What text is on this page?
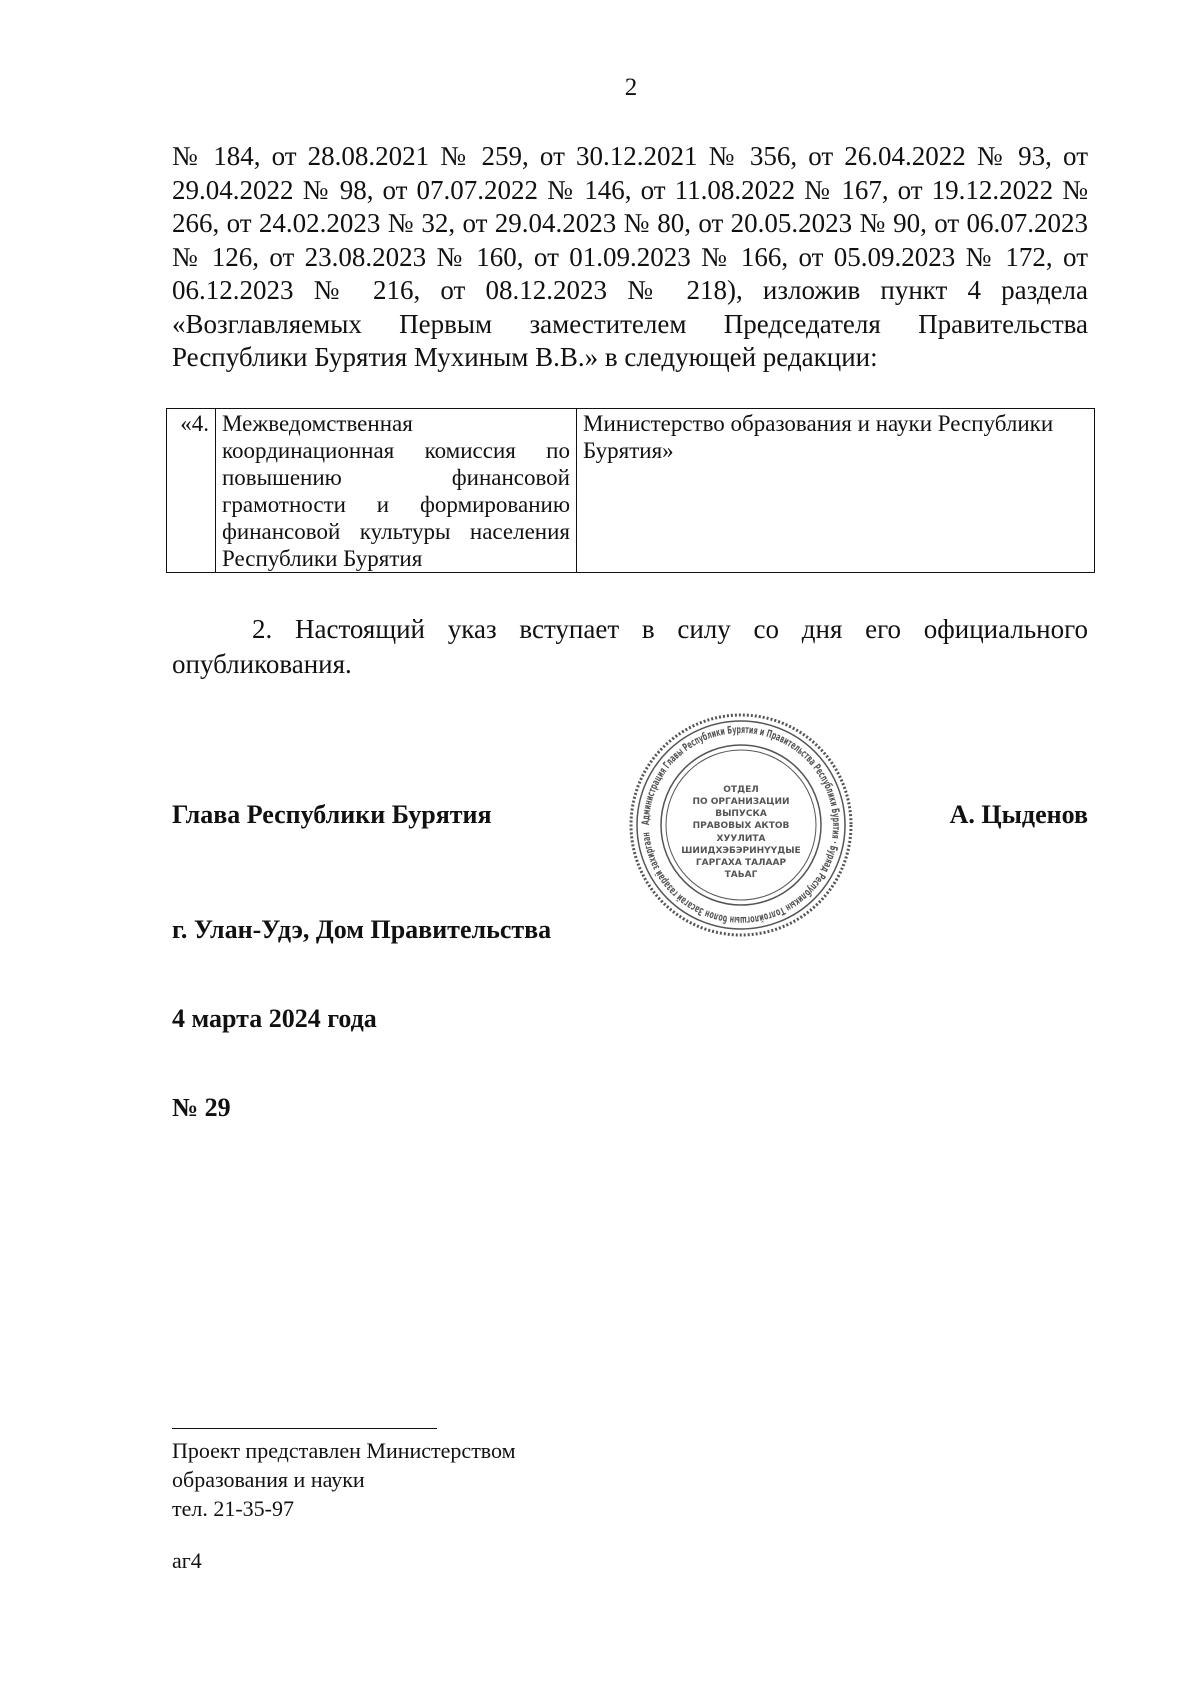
2

№ 184, от 28.08.2021 № 259, от 30.12.2021 № 356, от 26.04.2022 № 93, от 29.04.2022 № 98, от 07.07.2022 № 146, от 11.08.2022 № 167, от 19.12.2022 № 266, от 24.02.2023 № 32, от 29.04.2023 № 80, от 20.05.2023 № 90, от 06.07.2023 № 126, от 23.08.2023 № 160, от 01.09.2023 № 166, от 05.09.2023 № 172, от 06.12.2023 № 216, от 08.12.2023 № 218), изложив пункт 4 раздела «Возглавляемых Первым заместителем Председателя Правительства Республики Бурятия Мухиным В.В.» в следующей редакции:

«4.	Межведомственная координационная комиссия по повышению финансовой грамотности и формированию финансовой культуры населения Республики Бурятия	Министерство образования и науки Республики Бурятия»

2. Настоящий указ вступает в силу со дня его официального опубликования.

Глава Республики Бурятия	А. Цыденов
Администрация Главы Республики Бурятия и Правительства Республики Бурятия · Буряад Республикын Толгойлогшын болон Засагай газарай захиргаан
ОТДЕЛ
ПО ОРГАНИЗАЦИИ
ВЫПУСКА
ПРАВОВЫХ АКТОВ
ХУУЛИТА
ШИИДХЭБЭРИНҮҮДЫЕ
ГАРГАХА ТАЛААР
ТАЬАГ
г. Улан-Удэ, Дом Правительства
4 марта 2024 года
№ 29
Проект представлен Министерством
образования и науки
тел. 21-35-97
аг4
